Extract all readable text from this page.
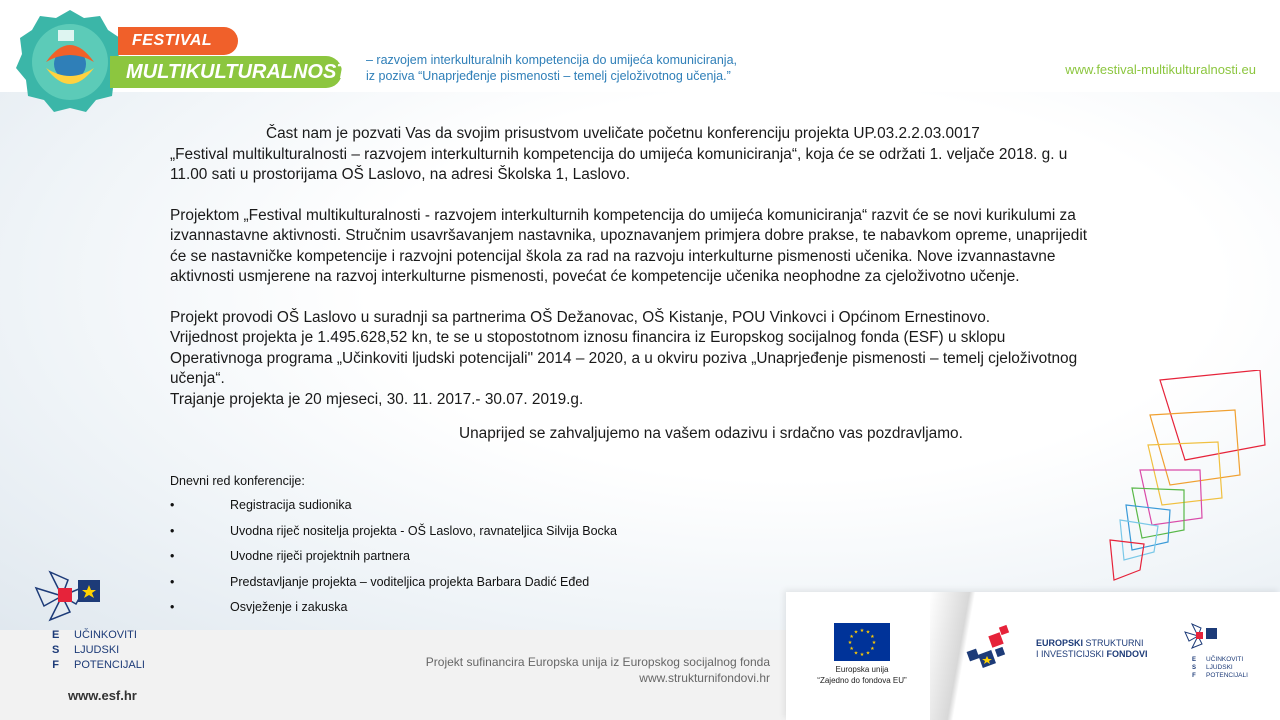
FESTIVAL
MULTIKULTURALNOSTI
– razvojem interkulturalnih kompetencija do umijeća komuniciranja,
iz poziva “Unaprjeđenje pismenosti – temelj cjeloživotnog učenja.”	www.festival-multikulturalnosti.eu

Čast nam je pozvati Vas da svojim prisustvom uveličate početnu konferenciju projekta UP.03.2.2.03.0017

„Festival multikulturalnosti – razvojem interkulturnih kompetencija do umijeća komuniciranja“, koja će se održati 1. veljače 2018. g. u 11.00 sati u prostorijama OŠ Laslovo, na adresi Školska 1, Laslovo.

Projektom „Festival multikulturalnosti - razvojem interkulturnih kompetencija do umijeća komuniciranja“ razvit će se novi kurikulumi za izvannastavne aktivnosti. Stručnim usavršavanjem nastavnika, upoznavanjem primjera dobre prakse, te nabavkom opreme, unaprijedit će se nastavničke kompetencije i razvojni potencijal škola za rad na razvoju interkulturne pismenosti učenika. Nove izvannastavne aktivnosti usmjerene na razvoj interkulturne pismenosti, povećat će kompetencije učenika neophodne za cjeloživotno učenje.

Projekt provodi OŠ Laslovo u suradnji sa partnerima OŠ Dežanovac, OŠ Kistanje, POU Vinkovci i Općinom Ernestinovo.

Vrijednost projekta je 1.495.628,52 kn, te se u stopostotnom iznosu financira iz Europskog socijalnog fonda (ESF) u sklopu Operativnoga programa „Učinkoviti ljudski potencijali" 2014 – 2020, a u okviru poziva „Unaprjeđenje pismenosti – temelj cjeloživotnog učenja“.

Trajanje projekta je 20 mjeseci, 30. 11. 2017.- 30.07. 2019.g.

Unaprijed se zahvaljujemo na vašem odazivu i srdačno vas pozdravljamo.

Dnevni red konferencije:
•	Registracija sudionika
•	Uvodna riječ nositelja projekta - OŠ Laslovo, ravnateljica Silvija Bocka
•	Uvodne riječi projektnih partnera
•	Predstavljanje projekta – voditeljica projekta Barbara Dadić Eđed
•	Osvježenje i zakuska
E
S
F
UČINKOVITI
LJUDSKI
POTENCIJALI
www.esf.hr
Projekt sufinancira Europska unija iz Europskog socijalnog fonda
www.strukturnifondovi.hr
★ ★
★
★
★
★
★
★
★
★
★
★
Europska unija
“Zajedno do fondova EU”
EUROPSKI STRUKTURNI
I INVESTICIJSKI FONDOVI
E
S
F
UČINKOVITI
LJUDSKI
POTENCIJALI
